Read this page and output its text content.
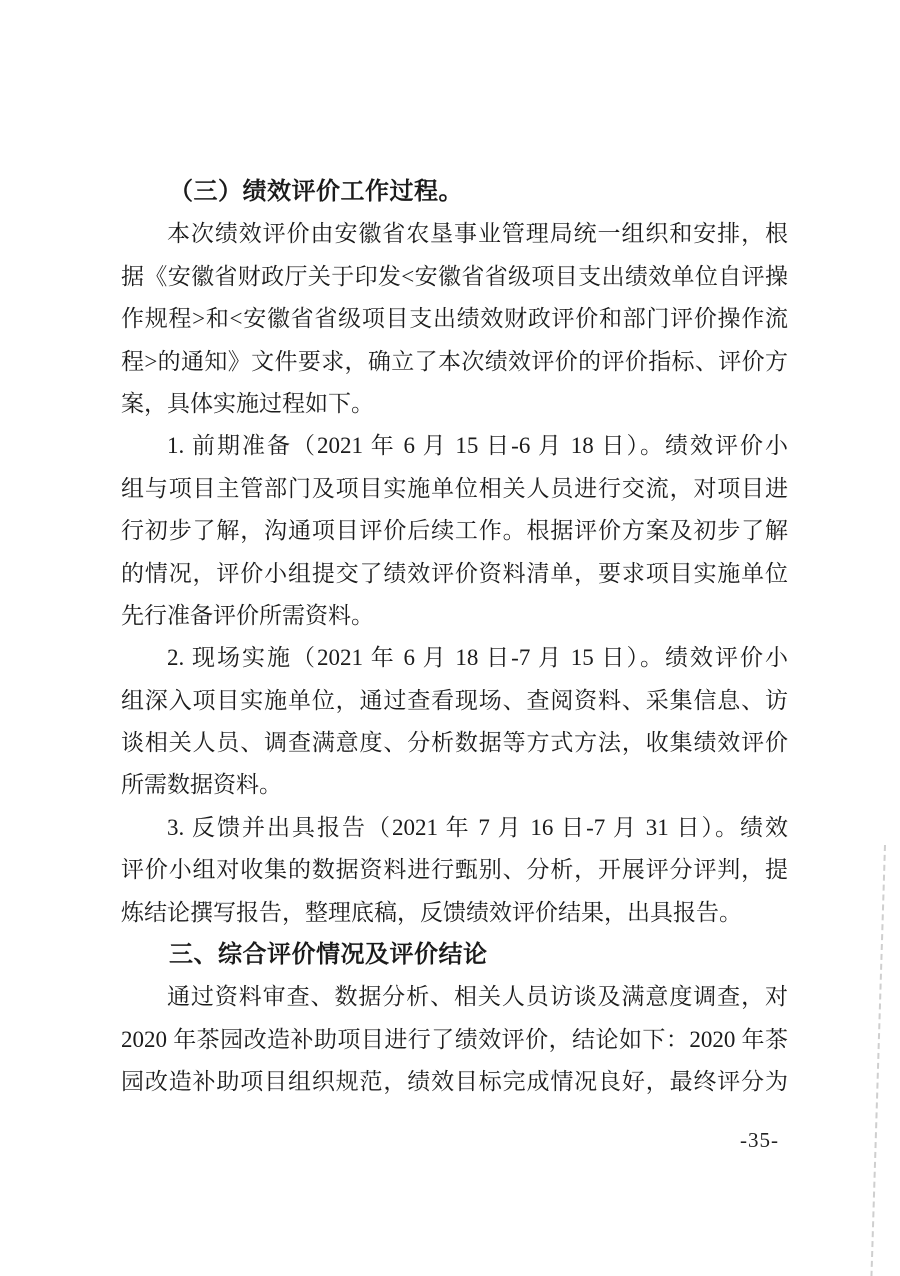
（三）绩效评价工作过程。
本次绩效评价由安徽省农垦事业管理局统一组织和安排，根
据《安徽省财政厅关于印发<安徽省省级项目支出绩效单位自评操
作规程>和<安徽省省级项目支出绩效财政评价和部门评价操作流
程>的通知》文件要求，确立了本次绩效评价的评价指标、评价方
案，具体实施过程如下。
1. 前期准备（2021 年 6 月 15 日-6 月 18 日）。绩效评价小
组与项目主管部门及项目实施单位相关人员进行交流，对项目进
行初步了解，沟通项目评价后续工作。根据评价方案及初步了解
的情况，评价小组提交了绩效评价资料清单，要求项目实施单位
先行准备评价所需资料。
2. 现场实施（2021 年 6 月 18 日-7 月 15 日）。绩效评价小
组深入项目实施单位，通过查看现场、查阅资料、采集信息、访
谈相关人员、调查满意度、分析数据等方式方法，收集绩效评价
所需数据资料。
3. 反馈并出具报告（2021 年 7 月 16 日-7 月 31 日）。绩效
评价小组对收集的数据资料进行甄别、分析，开展评分评判，提
炼结论撰写报告，整理底稿，反馈绩效评价结果，出具报告。
三、综合评价情况及评价结论
通过资料审查、数据分析、相关人员访谈及满意度调查，对
2020 年茶园改造补助项目进行了绩效评价，结论如下：2020 年茶
园改造补助项目组织规范，绩效目标完成情况良好，最终评分为
-35-
